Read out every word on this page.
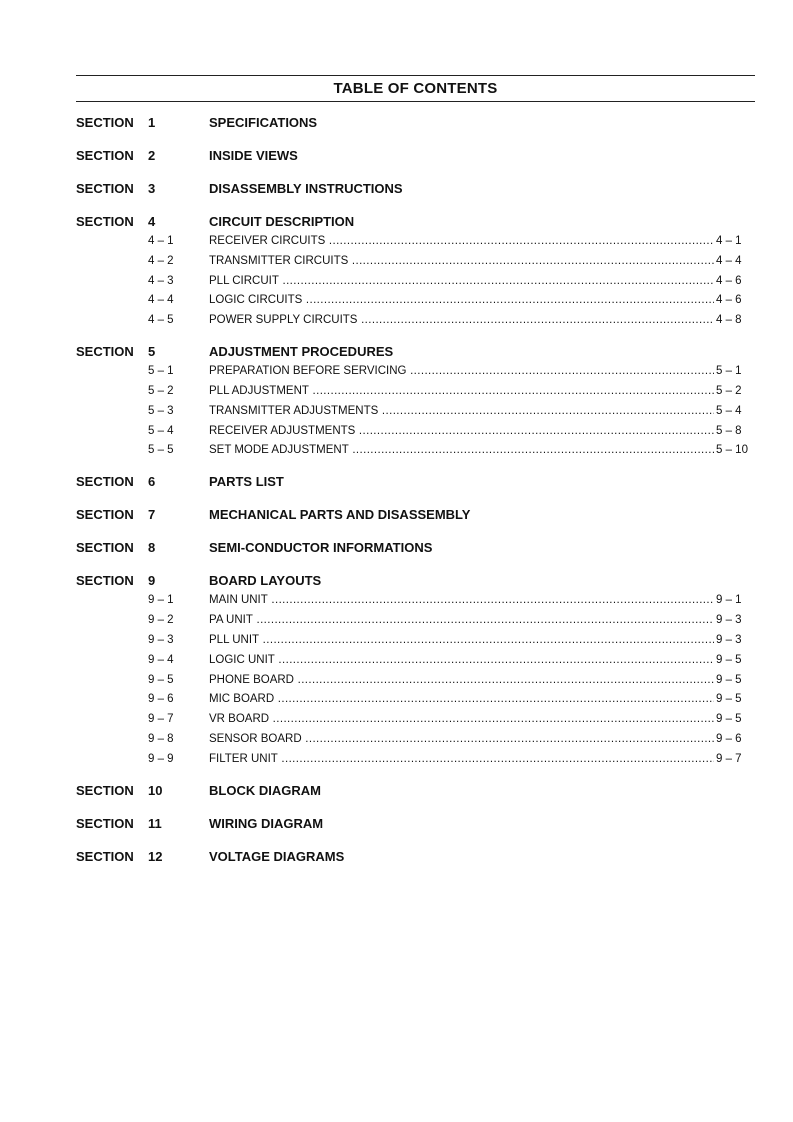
TABLE OF CONTENTS
SECTION 1	SPECIFICATIONS
SECTION 2	INSIDE VIEWS
SECTION 3	DISASSEMBLY INSTRUCTIONS
SECTION 4	CIRCUIT DESCRIPTION
4 – 1	RECEIVER CIRCUITS .....	4 – 1
4 – 2	TRANSMITTER CIRCUITS .....	4 – 4
4 – 3	PLL CIRCUIT .....	4 – 6
4 – 4	LOGIC CIRCUITS .....	4 – 6
4 – 5	POWER SUPPLY CIRCUITS .....	4 – 8
SECTION 5	ADJUSTMENT PROCEDURES
5 – 1	PREPARATION BEFORE SERVICING .....	5 – 1
5 – 2	PLL ADJUSTMENT .....	5 – 2
5 – 3	TRANSMITTER ADJUSTMENTS .....	5 – 4
5 – 4	RECEIVER ADJUSTMENTS .....	5 – 8
5 – 5	SET MODE ADJUSTMENT .....	5 – 10
SECTION 6	PARTS LIST
SECTION 7	MECHANICAL PARTS AND DISASSEMBLY
SECTION 8	SEMI-CONDUCTOR INFORMATIONS
SECTION 9	BOARD LAYOUTS
9 – 1	MAIN UNIT .....	9 – 1
9 – 2	PA UNIT .....	9 – 3
9 – 3	PLL UNIT .....	9 – 3
9 – 4	LOGIC UNIT .....	9 – 5
9 – 5	PHONE BOARD .....	9 – 5
9 – 6	MIC BOARD .....	9 – 5
9 – 7	VR BOARD .....	9 – 5
9 – 8	SENSOR BOARD .....	9 – 6
9 – 9	FILTER UNIT .....	9 – 7
SECTION 10	BLOCK DIAGRAM
SECTION 11	WIRING DIAGRAM
SECTION 12	VOLTAGE DIAGRAMS
